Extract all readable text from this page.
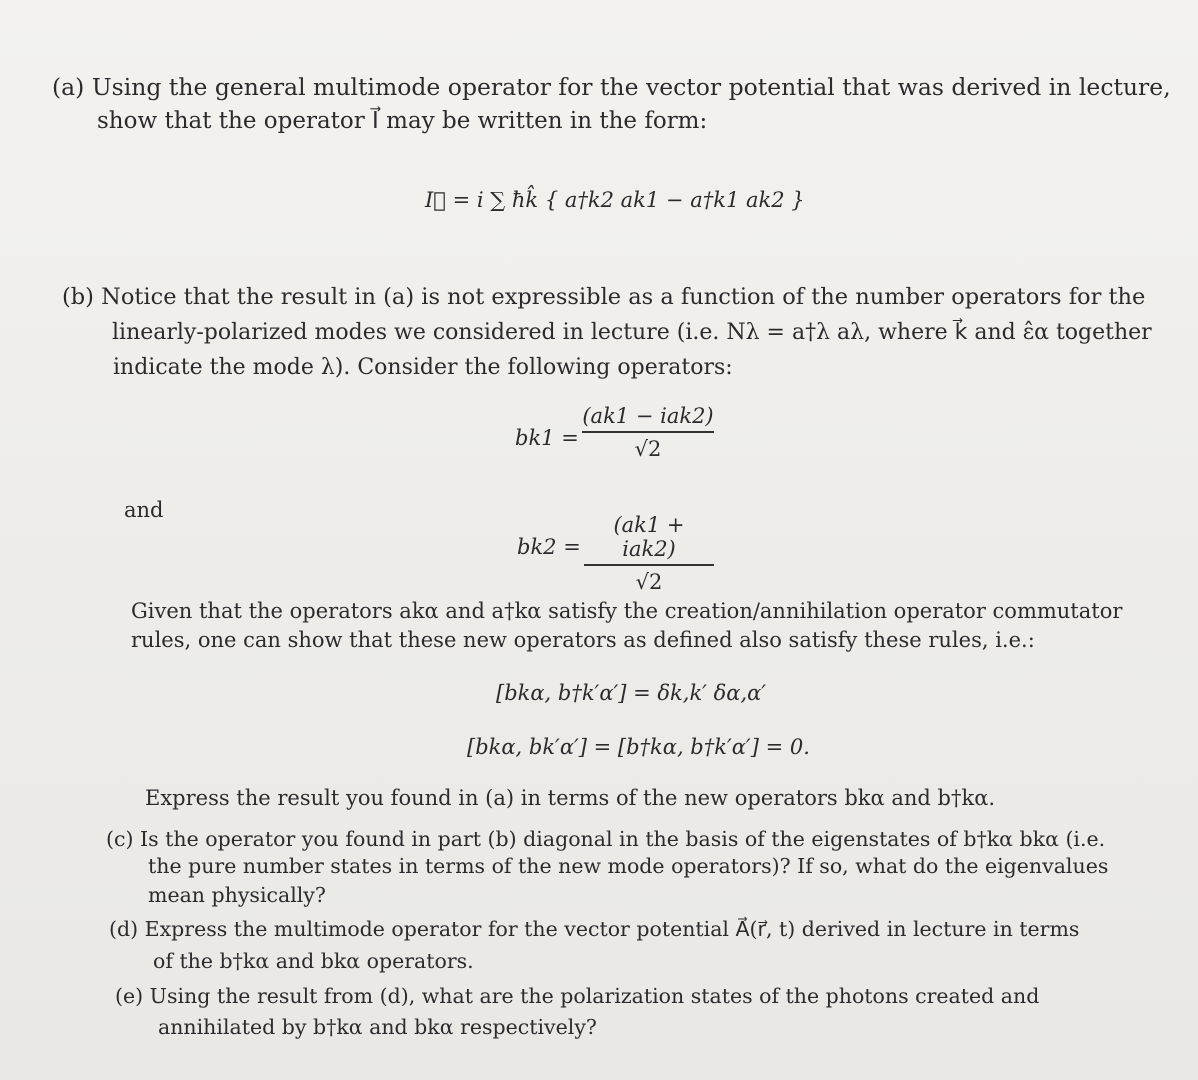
(a) Using the general multimode operator for the vector potential that was derived in lecture,
show that the operator I⃗ may be written in the form:
I⃗ = i ∑ ħk̂ { a†k2 ak1 − a†k1 ak2 }
(b) Notice that the result in (a) is not expressible as a function of the number operators for the
linearly-polarized modes we considered in lecture (i.e. Nλ = a†λ aλ, where k⃗ and ε̂α together
indicate the mode λ). Consider the following operators:
bk1 =
(ak1 − iak2)
√2
and
bk2 =
(ak1 + iak2)
√2
Given that the operators akα and a†kα satisfy the creation/annihilation operator commutator
rules, one can show that these new operators as defined also satisfy these rules, i.e.:
[bkα, b†k′α′] = δk,k′ δα,α′
[bkα, bk′α′] = [b†kα, b†k′α′] = 0.
Express the result you found in (a) in terms of the new operators bkα and b†kα.
(c) Is the operator you found in part (b) diagonal in the basis of the eigenstates of b†kα bkα (i.e.
the pure number states in terms of the new mode operators)? If so, what do the eigenvalues
mean physically?
(d) Express the multimode operator for the vector potential A⃗(r⃗, t) derived in lecture in terms
of the b†kα and bkα operators.
(e) Using the result from (d), what are the polarization states of the photons created and
annihilated by b†kα and bkα respectively?
